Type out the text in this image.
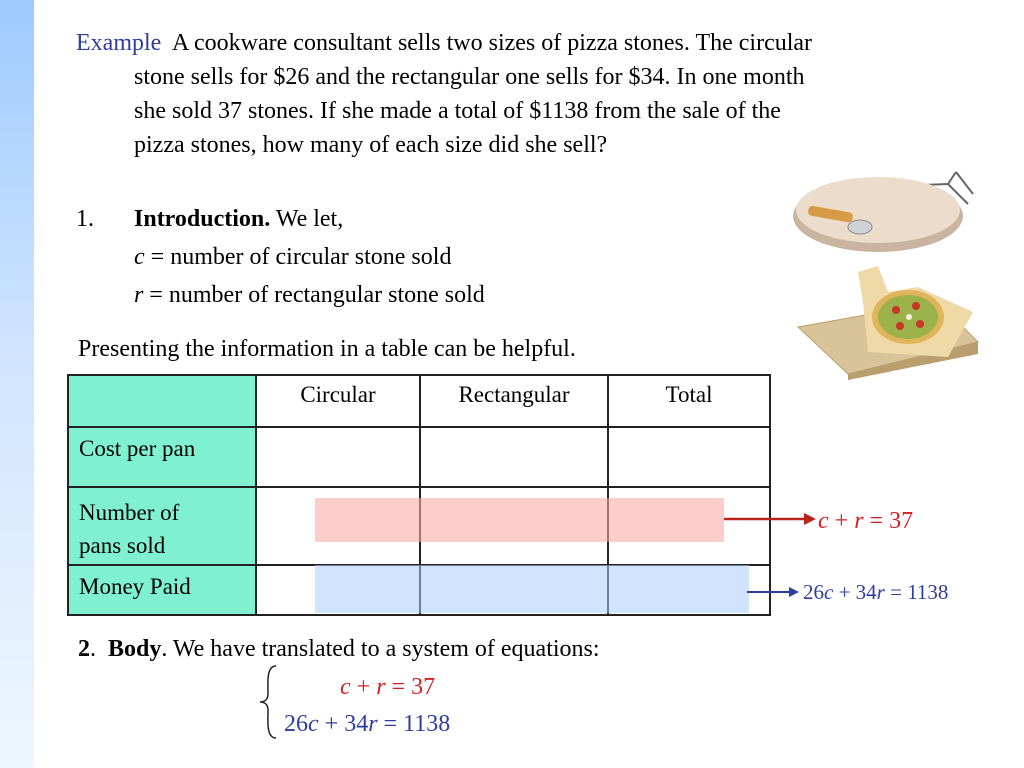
Example A cookware consultant sells two sizes of pizza stones. The circular
stone sells for $26 and the rectangular one sells for $34. In one month
she sold 37 stones. If she made a total of $1138 from the sale of the
pizza stones, how many of each size did she sell?
1. Introduction. We let,
c = number of circular stone sold
r = number of rectangular stone sold
Presenting the information in a table can be helpful.
	Circular	Rectangular	Total
Cost per pan			
Number of
pans sold			
Money Paid			
c + r = 37
26c + 34r = 1138
2. Body. We have translated to a system of equations:
c + r = 37
26c + 34r = 1138
